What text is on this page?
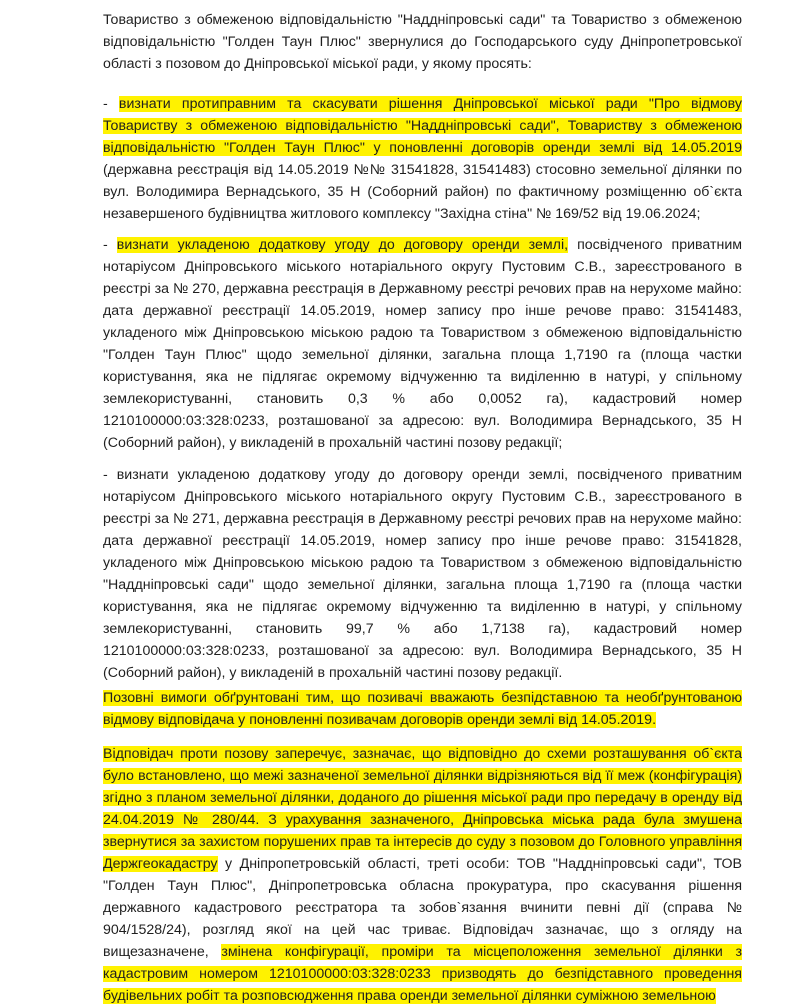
Товариство з обмеженою відповідальністю "Наддніпровські сади" та Товариство з обмеженою відповідальністю "Голден Таун Плюс" звернулися до Господарського суду Дніпропетровської області з позовом до Дніпровської міської ради, у якому просять:

- визнати протиправним та скасувати рішення Дніпровської міської ради "Про відмову Товариству з обмеженою відповідальністю "Наддніпровські сади", Товариству з обмеженою відповідальністю "Голден Таун Плюс" у поновленні договорів оренди землі від 14.05.2019 (державна реєстрація від 14.05.2019 №№ 31541828, 31541483) стосовно земельної ділянки по вул. Володимира Вернадського, 35 Н (Соборний район) по фактичному розміщенню об`єкта незавершеного будівництва житлового комплексу "Західна стіна" № 169/52 від 19.06.2024;

- визнати укладеною додаткову угоду до договору оренди землі, посвідченого приватним нотаріусом Дніпровського міського нотаріального округу Пустовим С.В., зареєстрованого в реєстрі за № 270, державна реєстрація в Державному реєстрі речових прав на нерухоме майно: дата державної реєстрації 14.05.2019, номер запису про інше речове право: 31541483, укладеного між Дніпровською міською радою та Товариством з обмеженою відповідальністю "Голден Таун Плюс" щодо земельної ділянки, загальна площа 1,7190 га (площа частки користування, яка не підлягає окремому відчуженню та виділенню в натурі, у спільному землекористуванні, становить 0,3 % або 0,0052 га), кадастровий номер 1210100000:03:328:0233, розташованої за адресою: вул. Володимира Вернадського, 35 Н (Соборний район), у викладеній в прохальній частині позову редакції;

- визнати укладеною додаткову угоду до договору оренди землі, посвідченого приватним нотаріусом Дніпровського міського нотаріального округу Пустовим С.В., зареєстрованого в реєстрі за № 271, державна реєстрація в Державному реєстрі речових прав на нерухоме майно: дата державної реєстрації 14.05.2019, номер запису про інше речове право: 31541828, укладеного між Дніпровською міською радою та Товариством з обмеженою відповідальністю "Наддніпровські сади" щодо земельної ділянки, загальна площа 1,7190 га (площа частки користування, яка не підлягає окремому відчуженню та виділенню в натурі, у спільному землекористуванні, становить 99,7 % або 1,7138 га), кадастровий номер 1210100000:03:328:0233, розташованої за адресою: вул. Володимира Вернадського, 35 Н (Соборний район), у викладеній в прохальній частині позову редакції.

Позовні вимоги обґрунтовані тим, що позивачі вважають безпідставною та необґрунтованою відмову відповідача у поновленні позивачам договорів оренди землі від 14.05.2019.

Відповідач проти позову заперечує, зазначає, що відповідно до схеми розташування об`єкта було встановлено, що межі зазначеної земельної ділянки відрізняються від її меж (конфігурація) згідно з планом земельної ділянки, доданого до рішення міської ради про передачу в оренду від 24.04.2019 № 280/44. З урахування зазначеного, Дніпровська міська рада була змушена звернутися за захистом порушених прав та інтересів до суду з позовом до Головного управління Держгеокадастру у Дніпропетровській області, треті особи: ТОВ "Наддніпровські сади", ТОВ "Голден Таун Плюс", Дніпропетровська обласна прокуратура, про скасування рішення державного кадастрового реєстратора та зобов`язання вчинити певні дії (справа № 904/1528/24), розгляд якої на цей час триває. Відповідач зазначає, що з огляду на вищезазначене, змінена конфігурації, проміри та місцеположення земельної ділянки з кадастровим номером 1210100000:03:328:0233 призводять до безпідставного проведення будівельних робіт та розповсюдження права оренди земельної ділянки суміжною земельною
